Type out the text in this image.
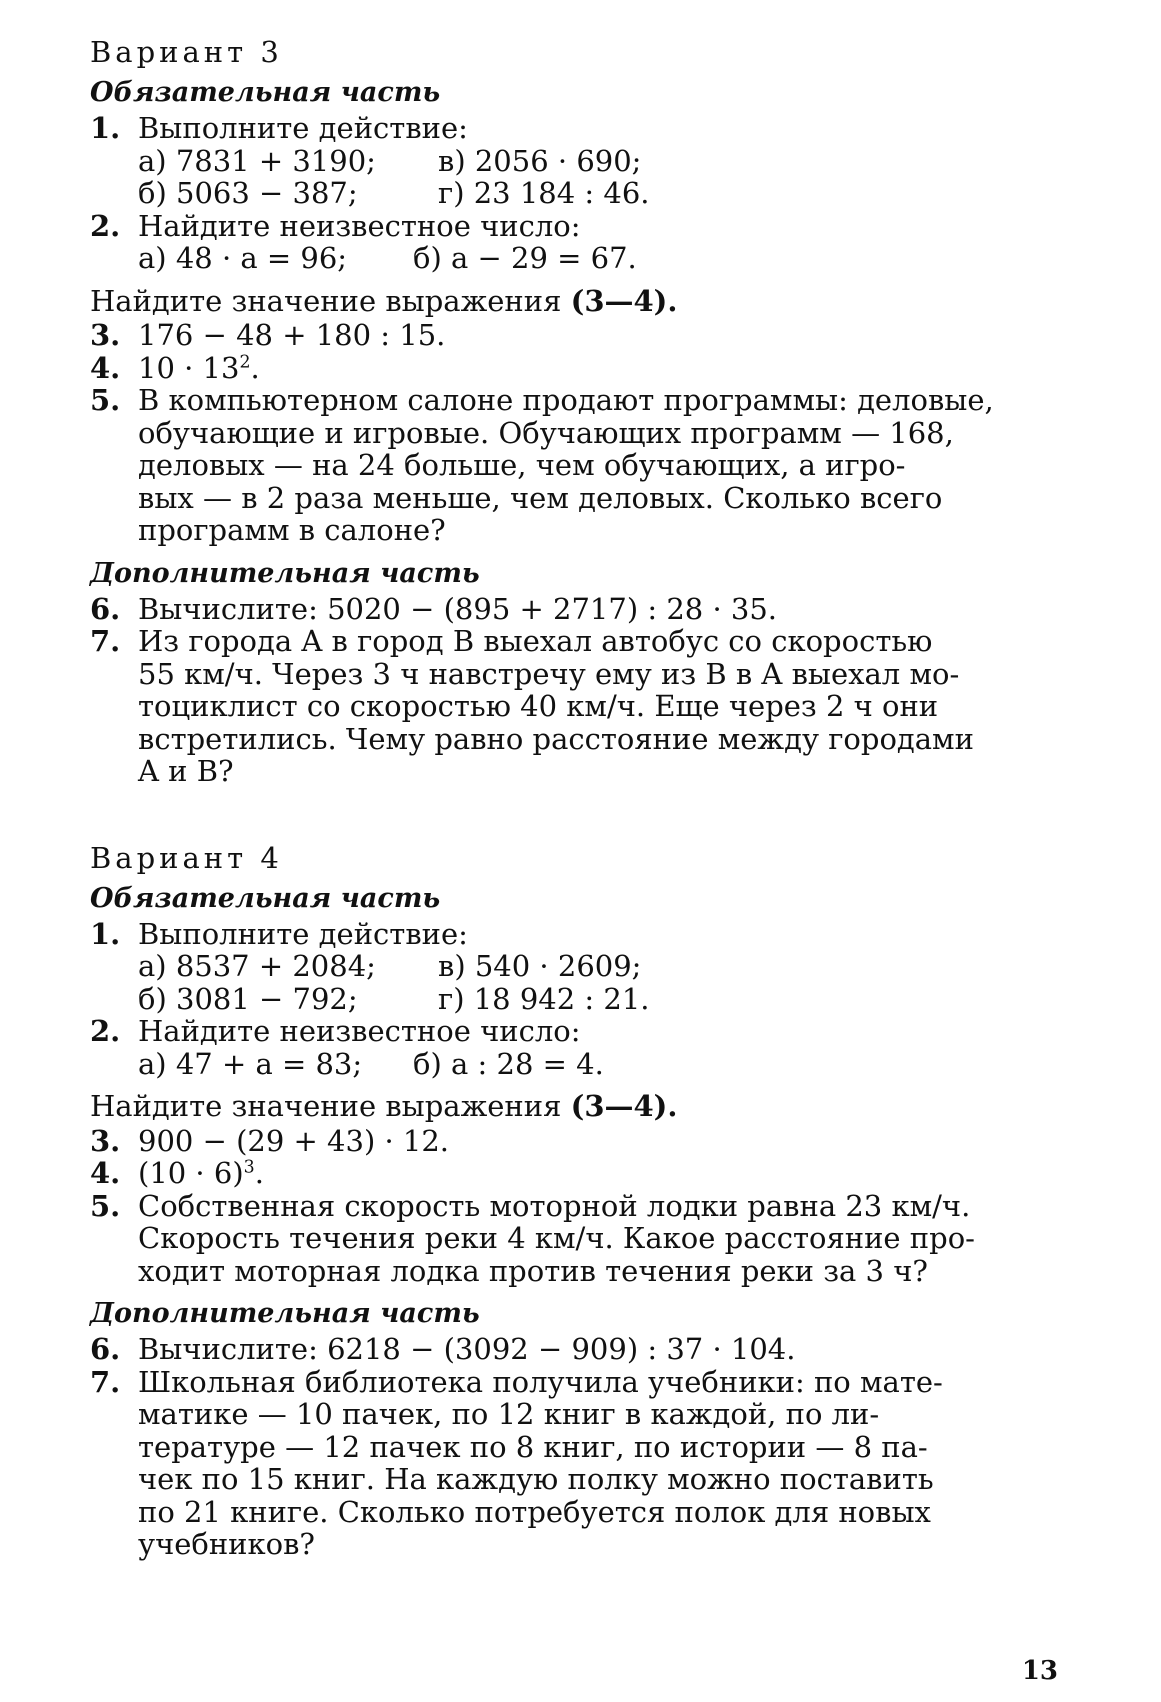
Вариант 3
Обязательная часть
1. Выполните действие:
а) 7831 + 3190;	в) 2056 · 690;
б) 5063 − 387;	г) 23 184 : 46.
2. Найдите неизвестное число:
а) 48 · a = 96;	б) a − 29 = 67.
Найдите значение выражения (3—4).
3. 176 − 48 + 180 : 15.
4. $10 \cdot 13^2$.
5. В компьютерном салоне продают программы: деловые,
обучающие и игровые. Обучающих программ — 168,
деловых — на 24 больше, чем обучающих, а игро-
вых — в 2 раза меньше, чем деловых. Сколько всего
программ в салоне?
Дополнительная часть
6. Вычислите: 5020 − (895 + 2717) : 28 · 35.
7. Из города A в город B выехал автобус со скоростью
55 км/ч. Через 3 ч навстречу ему из B в A выехал мо-
тоциклист со скоростью 40 км/ч. Еще через 2 ч они
встретились. Чему равно расстояние между городами
A и B?
Вариант 4
Обязательная часть
1. Выполните действие:
а) 8537 + 2084;	в) 540 · 2609;
б) 3081 − 792;	г) 18 942 : 21.
2. Найдите неизвестное число:
а) 47 + a = 83;	б) a : 28 = 4.
Найдите значение выражения (3—4).
3. 900 − (29 + 43) · 12.
4. $(10 \cdot 6)^3$.
5. Собственная скорость моторной лодки равна 23 км/ч.
Скорость течения реки 4 км/ч. Какое расстояние про-
ходит моторная лодка против течения реки за 3 ч?
Дополнительная часть
6. Вычислите: 6218 − (3092 − 909) : 37 · 104.
7. Школьная библиотека получила учебники: по мате-
матике — 10 пачек, по 12 книг в каждой, по ли-
тературе — 12 пачек по 8 книг, по истории — 8 па-
чек по 15 книг. На каждую полку можно поставить
по 21 книге. Сколько потребуется полок для новых
учебников?
13
